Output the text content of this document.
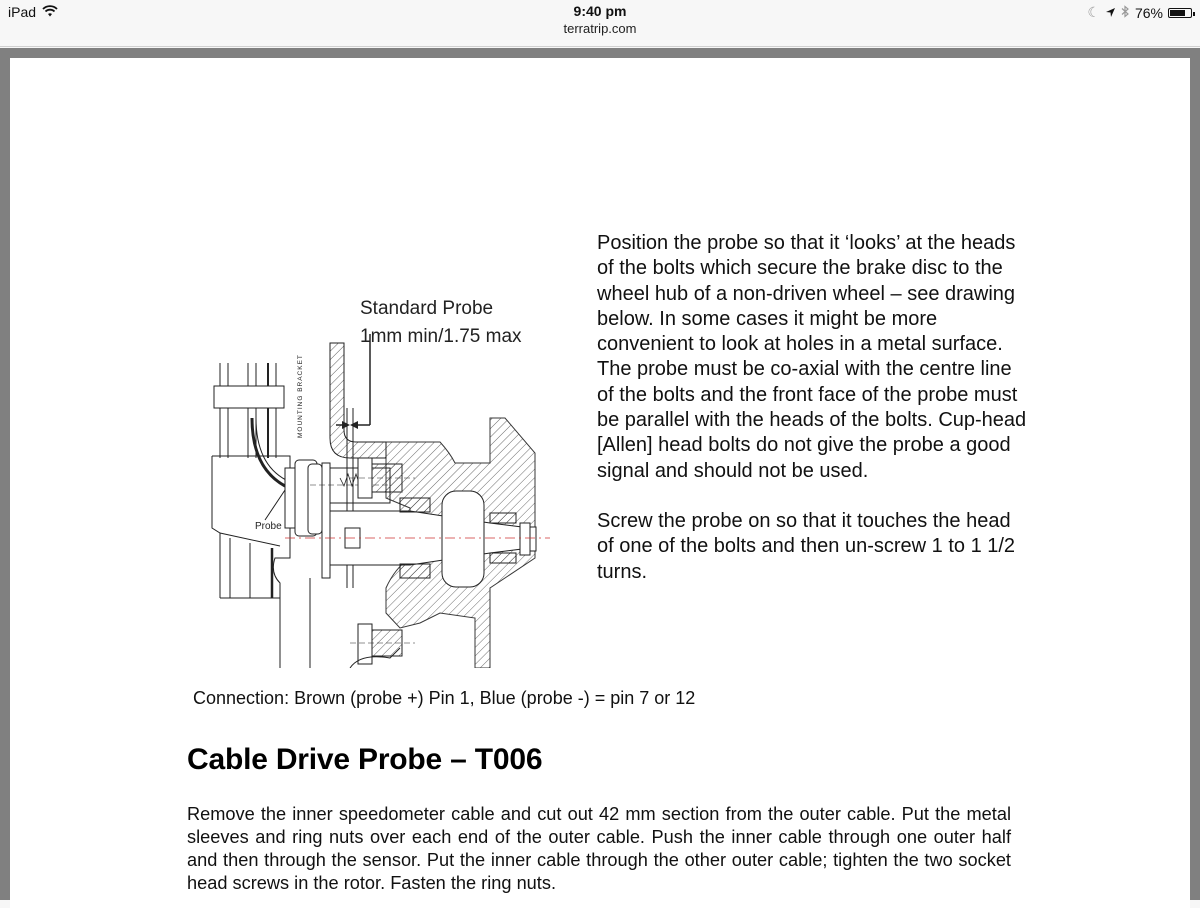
iPad	9:40 pm
terratrip.com
☾	76%
Standard Probe
1mm min/1.75 max
MOUNTING BRACKET
Probe

Position the probe so that it ‘looks’ at the heads of the bolts which secure the brake disc to the wheel hub of a non-driven wheel – see drawing below. In some cases it might be more convenient to look at holes in a metal surface. The probe must be co-axial with the centre line of the bolts and the front face of the probe must be parallel with the heads of the bolts. Cup-head [Allen] head bolts do not give the probe a good signal and should not be used.

Screw the probe on so that it touches the head of one of the bolts and then un-screw 1 to 1 1/2 turns.

Connection: Brown (probe +) Pin 1, Blue (probe -) = pin 7 or 12
Cable Drive Probe – T006
Remove the inner speedometer cable and cut out 42 mm section from the outer cable. Put the metal sleeves and ring nuts over each end of the outer cable. Push the inner cable through one outer half and then through the sensor. Put the inner cable through the other outer cable; tighten the two socket head screws in the rotor. Fasten the ring nuts.
